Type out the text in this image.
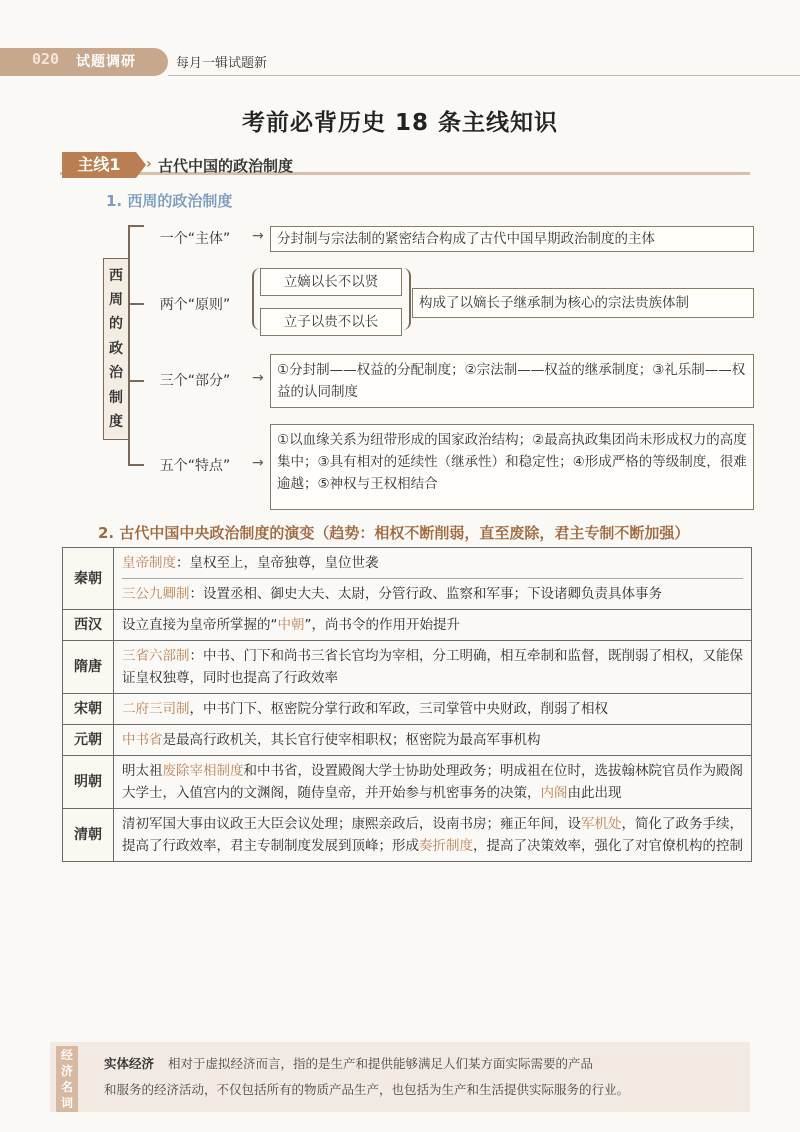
020 试题调研	每月一辑试题新
考前必背历史 18 条主线知识
主线1	› 古代中国的政治制度
1. 西周的政治制度
西
周
的
政
治
制
度
一个“主体”	→ 分封制与宗法制的紧密结合构成了古代中国早期政治制度的主体
两个“原则”
立嫡以长不以贤
立子以贵不以长
构成了以嫡长子继承制为核心的宗法贵族体制
三个“部分”	→ ①分封制——权益的分配制度；②宗法制——权益的继承制度；③礼乐制——权益的认同制度
五个“特点”	→
①以血缘关系为纽带形成的国家政治结构；②最高执政集团尚未形成权力的高度集中；③具有相对的延续性（继承性）和稳定性；④形成严格的等级制度，很难逾越；⑤神权与王权相结合
2. 古代中国中央政治制度的演变（趋势：相权不断削弱，直至废除，君主专制不断加强）
秦朝	皇帝制度：皇权至上，皇帝独尊，皇位世袭
三公九卿制：设置丞相、御史大夫、太尉，分管行政、监察和军事；下设诸卿负责具体事务

西汉	设立直接为皇帝所掌握的“中朝”，尚书令的作用开始提升
隋唐	三省六部制：中书、门下和尚书三省长官均为宰相，分工明确，相互牵制和监督，既削弱了相权，又能保证皇权独尊，同时也提高了行政效率
宋朝	二府三司制，中书门下、枢密院分掌行政和军政，三司掌管中央财政，削弱了相权
元朝	中书省是最高行政机关，其长官行使宰相职权；枢密院为最高军事机构
明朝	明太祖废除宰相制度和中书省，设置殿阁大学士协助处理政务；明成祖在位时，选拔翰林院官员作为殿阁大学士，入值宫内的文渊阁，随侍皇帝，并开始参与机密事务的决策，内阁由此出现
清朝	清初军国大事由议政王大臣会议处理；康熙亲政后，设南书房；雍正年间，设军机处，简化了政务手续，提高了行政效率，君主专制制度发展到顶峰；形成奏折制度，提高了决策效率，强化了对官僚机构的控制
经济名词
实体经济 相对于虚拟经济而言，指的是生产和提供能够满足人们某方面实际需要的产品
和服务的经济活动，不仅包括所有的物质产品生产，也包括为生产和生活提供实际服务的行业。
